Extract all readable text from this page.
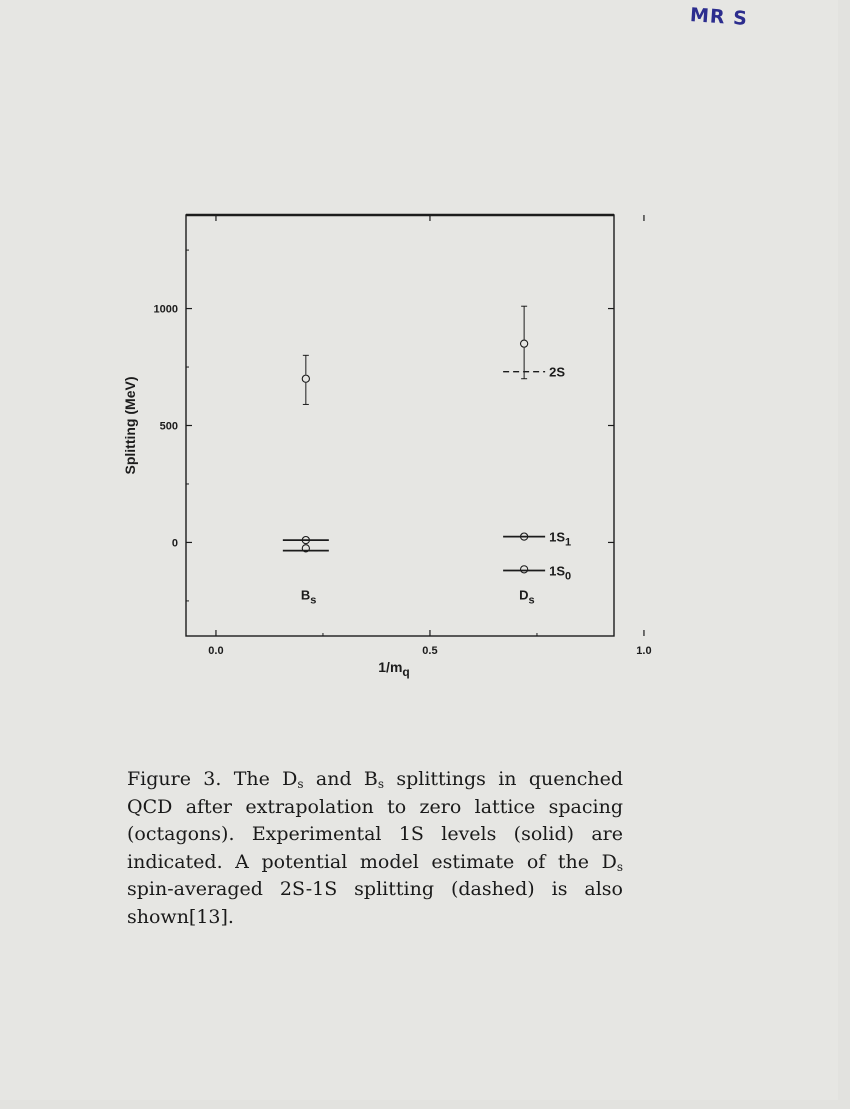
MR S
0.0	0.5	1.0
0
500
1000
1/mq
Splitting (MeV)
$1S_1$
$1S_0$
2S
$B_s$	$D_s$
Figure 3. The $D_s$ and $B_s$ splittings in quenched QCD after extrapolation to zero lattice spacing (octagons). Experimental 1S levels (solid) are indicated. A potential model estimate of the $D_s$ spin-averaged 2S-1S splitting (dashed) is also shown[13].
